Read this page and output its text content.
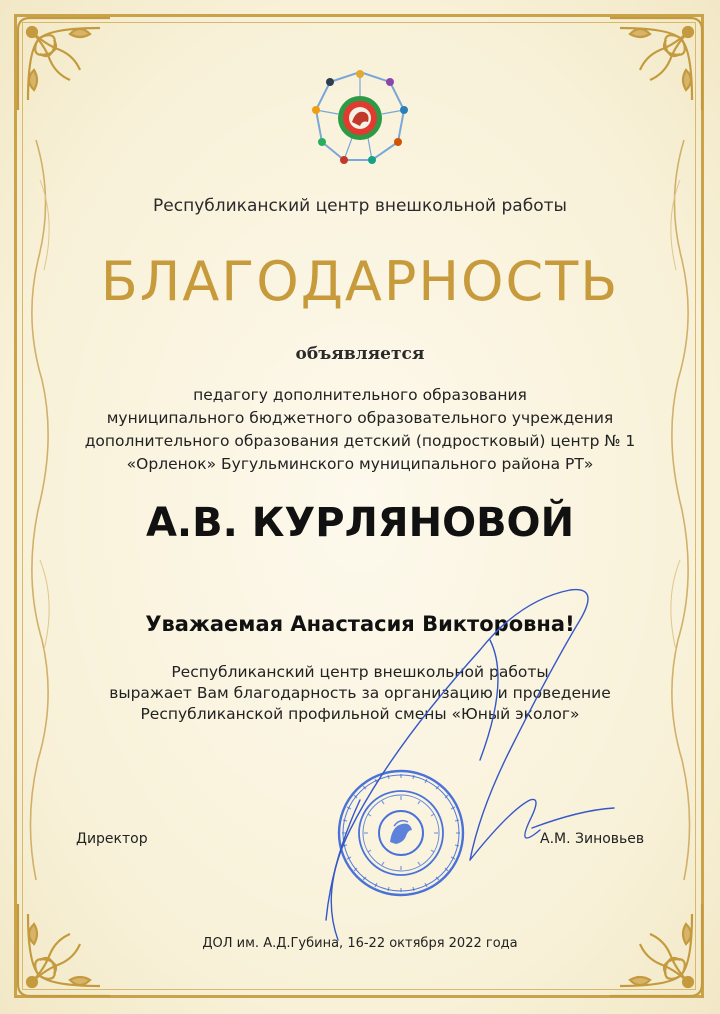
Республиканский центр внешкольной работы
БЛАГОДАРНОСТЬ
объявляется
педагогу дополнительного образования
муниципального бюджетного образовательного учреждения
дополнительного образования детский (подростковый) центр № 1
«Орленок» Бугульминского муниципального района РТ»
А.В. КУРЛЯНОВОЙ
Уважаемая Анастасия Викторовна!
Республиканский центр внешкольной работы
выражает Вам благодарность за организацию и проведение
Республиканской профильной смены «Юный эколог»
Директор	А.М. Зиновьев
ДОЛ им. А.Д.Губина, 16-22 октября 2022 года
